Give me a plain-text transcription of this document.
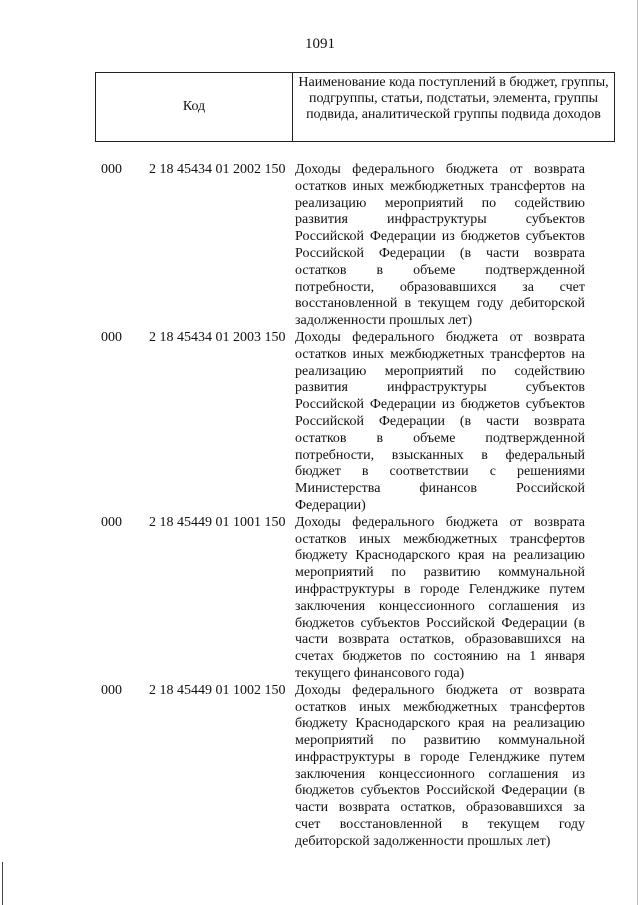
1091
Код
Наименование кода поступлений в бюджет, группы, подгруппы, статьи, подстатьи, элемента, группы подвида, аналитической группы подвида доходов
000	2 18 45434 01 2002 150 Доходы федерального бюджета от возврата остатков иных межбюджетных трансфертов на реализацию мероприятий по содействию развития инфраструктуры субъектов Российской Федерации из бюджетов субъектов Российской Федерации (в части возврата остатков в объеме подтвержденной потребности, образовавшихся за счет восстановленной в текущем году дебиторской задолженности прошлых лет)
000	2 18 45434 01 2003 150 Доходы федерального бюджета от возврата остатков иных межбюджетных трансфертов на реализацию мероприятий по содействию развития инфраструктуры субъектов Российской Федерации из бюджетов субъектов Российской Федерации (в части возврата остатков в объеме подтвержденной потребности, взысканных в федеральный бюджет в соответствии с решениями Министерства финансов Российской Федерации)
000	2 18 45449 01 1001 150 Доходы федерального бюджета от возврата остатков иных межбюджетных трансфертов бюджету Краснодарского края на реализацию мероприятий по развитию коммунальной инфраструктуры в городе Геленджике путем заключения концессионного соглашения из бюджетов субъектов Российской Федерации (в части возврата остатков, образовавшихся на счетах бюджетов по состоянию на 1 января текущего финансового года)
000	2 18 45449 01 1002 150 Доходы федерального бюджета от возврата остатков иных межбюджетных трансфертов бюджету Краснодарского края на реализацию мероприятий по развитию коммунальной инфраструктуры в городе Геленджике путем заключения концессионного соглашения из бюджетов субъектов Российской Федерации (в части возврата остатков, образовавшихся за счет восстановленной в текущем году дебиторской задолженности прошлых лет)
